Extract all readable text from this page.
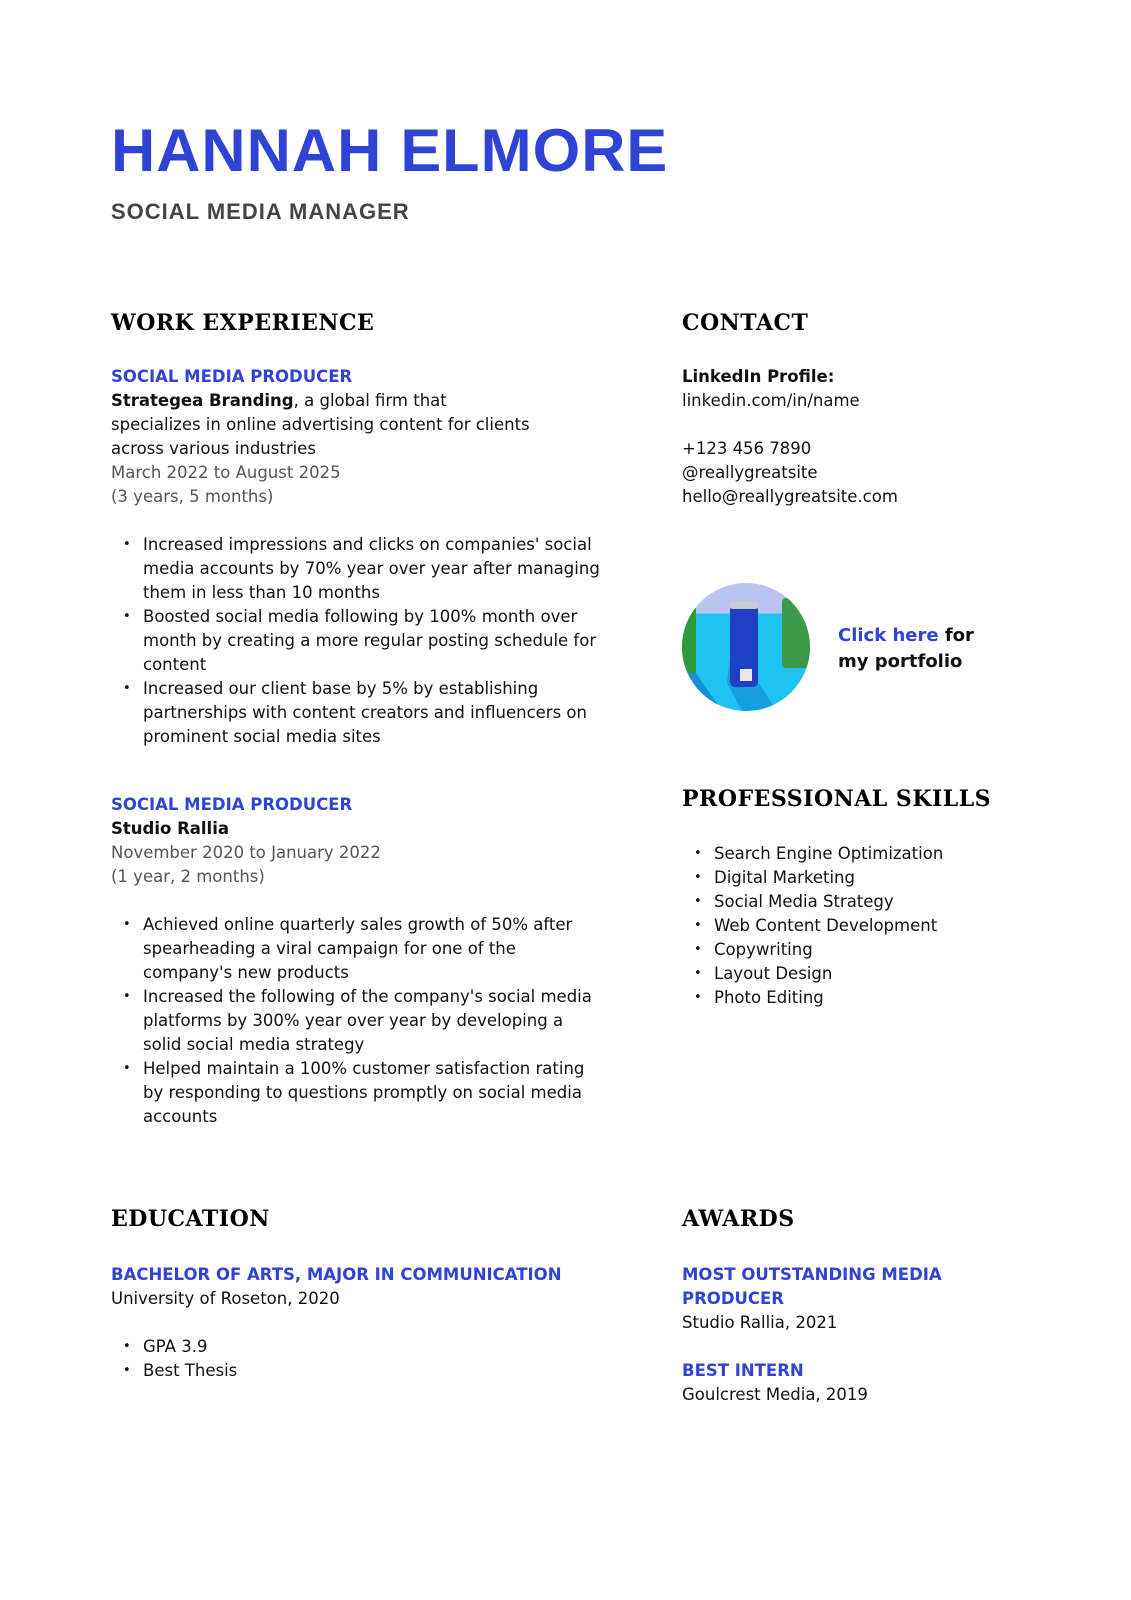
HANNAH ELMORE
SOCIAL MEDIA MANAGER
WORK EXPERIENCE
SOCIAL MEDIA PRODUCER
Strategea Branding, a global firm that specializes in online advertising content for clients across various industries
March 2022 to August 2025
(3 years, 5 months)
• Increased impressions and clicks on companies' social media accounts by 70% year over year after managing them in less than 10 months
• Boosted social media following by 100% month over month by creating a more regular posting schedule for content
• Increased our client base by 5% by establishing partnerships with content creators and influencers on prominent social media sites
SOCIAL MEDIA PRODUCER
Studio Rallia
November 2020 to January 2022
(1 year, 2 months)
• Achieved online quarterly sales growth of 50% after spearheading a viral campaign for one of the company's new products
• Increased the following of the company's social media platforms by 300% year over year by developing a solid social media strategy
• Helped maintain a 100% customer satisfaction rating by responding to questions promptly on social media accounts
CONTACT
LinkedIn Profile:
linkedin.com/in/name
+123 456 7890
@reallygreatsite
hello@reallygreatsite.com
Click here for
my portfolio
PROFESSIONAL SKILLS
• Search Engine Optimization
• Digital Marketing
• Social Media Strategy
• Web Content Development
• Copywriting
• Layout Design
• Photo Editing
EDUCATION
BACHELOR OF ARTS, MAJOR IN COMMUNICATION
University of Roseton, 2020
• GPA 3.9
• Best Thesis
AWARDS
MOST OUTSTANDING MEDIA PRODUCER
Studio Rallia, 2021
BEST INTERN
Goulcrest Media, 2019
